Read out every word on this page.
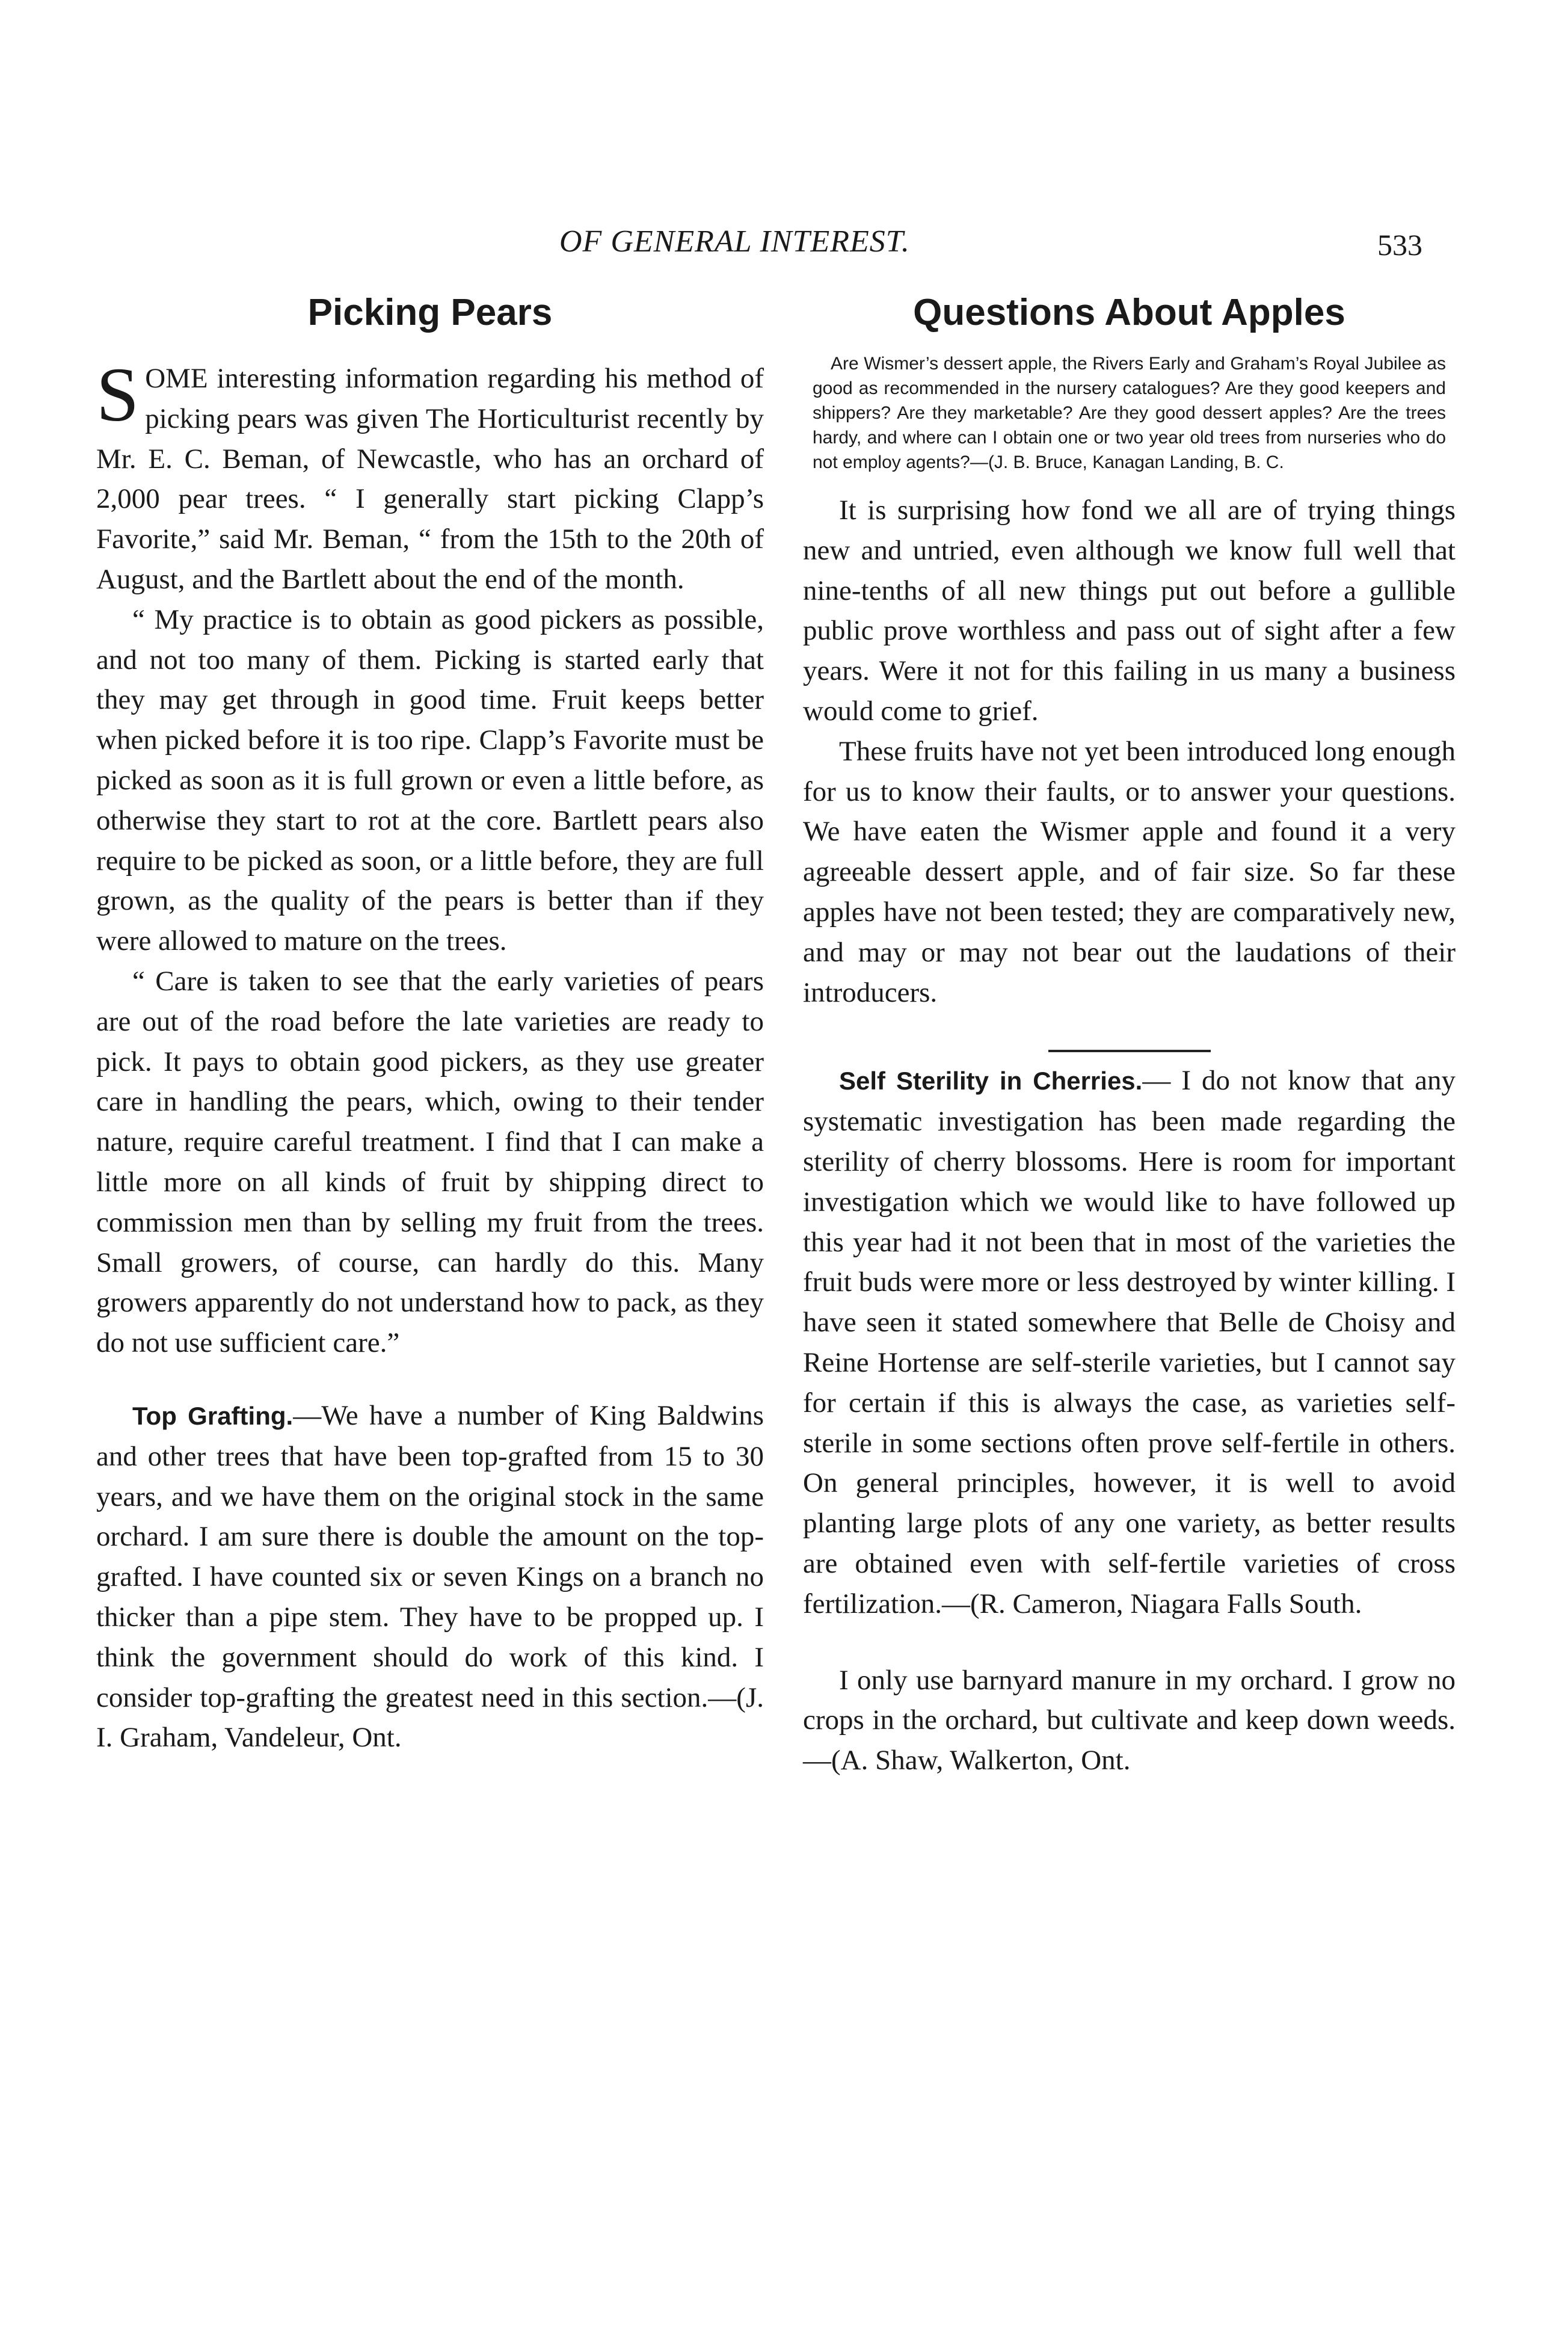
OF GENERAL INTEREST.	533
Picking Pears

SOME interesting information regarding his method of picking pears was given The Horticulturist recently by Mr. E. C. Beman, of Newcastle, who has an orchard of 2,000 pear trees. “ I generally start picking Clapp’s Favorite,” said Mr. Beman, “ from the 15th to the 20th of August, and the Bartlett about the end of the month.

“ My practice is to obtain as good pickers as possible, and not too many of them. Picking is started early that they may get through in good time. Fruit keeps better when picked before it is too ripe. Clapp’s Favorite must be picked as soon as it is full grown or even a little before, as otherwise they start to rot at the core. Bartlett pears also require to be picked as soon, or a little before, they are full grown, as the quality of the pears is better than if they were allowed to mature on the trees.

“ Care is taken to see that the early varieties of pears are out of the road before the late varieties are ready to pick. It pays to obtain good pickers, as they use greater care in handling the pears, which, owing to their tender nature, require careful treatment. I find that I can make a little more on all kinds of fruit by shipping direct to commission men than by selling my fruit from the trees. Small growers, of course, can hardly do this. Many growers apparently do not understand how to pack, as they do not use sufficient care.”

Top Grafting.—We have a number of King Baldwins and other trees that have been top-grafted from 15 to 30 years, and we have them on the original stock in the same orchard. I am sure there is double the amount on the top-grafted. I have counted six or seven Kings on a branch no thicker than a pipe stem. They have to be propped up. I think the government should do work of this kind. I consider top-grafting the greatest need in this section.—(J. I. Graham, Vandeleur, Ont.

Questions About Apples
Are Wismer’s dessert apple, the Rivers Early and Graham’s Royal Jubilee as good as recommended in the nursery catalogues? Are they good keepers and shippers? Are they marketable? Are they good dessert apples? Are the trees hardy, and where can I obtain one or two year old trees from nurseries who do not employ agents?—(J. B. Bruce, Kanagan Landing, B. C.

It is surprising how fond we all are of trying things new and untried, even although we know full well that nine-tenths of all new things put out before a gullible public prove worthless and pass out of sight after a few years. Were it not for this failing in us many a business would come to grief.

These fruits have not yet been introduced long enough for us to know their faults, or to answer your questions. We have eaten the Wismer apple and found it a very agreeable dessert apple, and of fair size. So far these apples have not been tested; they are comparatively new, and may or may not bear out the laudations of their introducers.

Self Sterility in Cherries.— I do not know that any systematic investigation has been made regarding the sterility of cherry blossoms. Here is room for important investigation which we would like to have followed up this year had it not been that in most of the varieties the fruit buds were more or less destroyed by winter killing. I have seen it stated somewhere that Belle de Choisy and Reine Hortense are self-sterile varieties, but I cannot say for certain if this is always the case, as varieties self-sterile in some sections often prove self-fertile in others. On general principles, however, it is well to avoid planting large plots of any one variety, as better results are obtained even with self-fertile varieties of cross fertilization.—(R. Cameron, Niagara Falls South.

I only use barnyard manure in my orchard. I grow no crops in the orchard, but cultivate and keep down weeds.—(A. Shaw, Walkerton, Ont.
